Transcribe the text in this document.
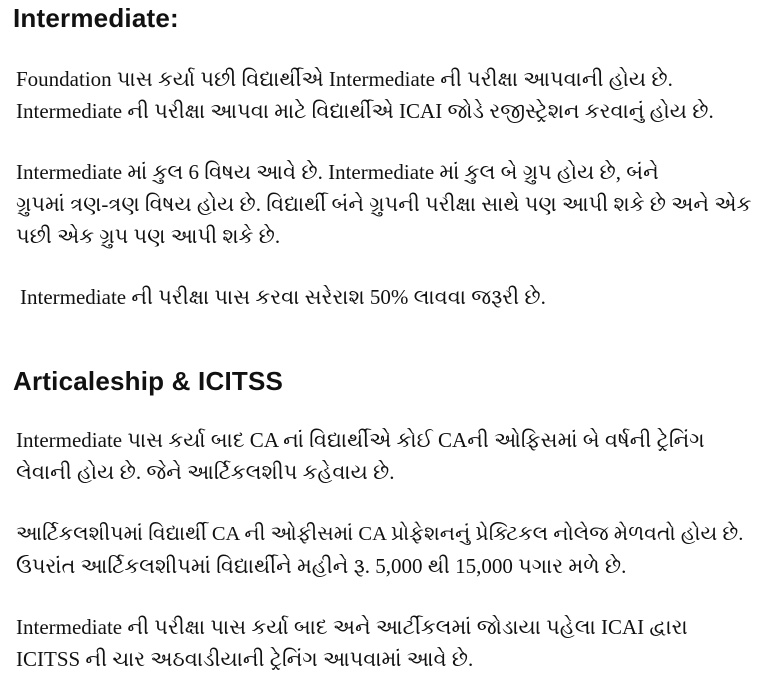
Intermediate:

Foundation પાસ કર્યા પછી વિદ્યાર્થીએ Intermediate ની પરીક્ષા આપવાની હોય છે.
Intermediate ની પરીક્ષા આપવા માટે વિદ્યાર્થીએ ICAI જોડે રજીસ્ટ્રેશન કરવાનું હોય છે.

Intermediate માં કુલ 6 વિષય આવે છે. Intermediate માં કુલ બે ગ્રુપ હોય છે, બંને
ગ્રુપમાં ત્રણ-ત્રણ વિષય હોય છે. વિદ્યાર્થી બંને ગ્રુપની પરીક્ષા સાથે પણ આપી શકે છે અને એક
પછી એક ગ્રુપ પણ આપી શકે છે.

Intermediate ની પરીક્ષા પાસ કરવા સરેરાશ 50% લાવવા જરૂરી છે.

Articaleship & ICITSS

Intermediate પાસ કર્યા બાદ CA નાં વિદ્યાર્થીએ કોઈ CAની ઓફિસમાં બે વર્ષની ટ્રેનિંગ
લેવાની હોય છે. જેને આર્ટિકલશીપ કહેવાય છે.

આર્ટિકલશીપમાં વિદ્યાર્થી CA ની ઓફીસમાં CA પ્રોફેશનનું પ્રેક્ટિકલ નોલેજ મેળવતો હોય છે.
ઉપરાંત આર્ટિકલશીપમાં વિદ્યાર્થીને મહીને રૂ. 5,000 થી 15,000 પગાર મળે છે.

Intermediate ની પરીક્ષા પાસ કર્યા બાદ અને આર્ટીકલમાં જોડાયા પહેલા ICAI દ્વારા
ICITSS ની ચાર અઠવાડીયાની ટ્રેનિંગ આપવામાં આવે છે.
